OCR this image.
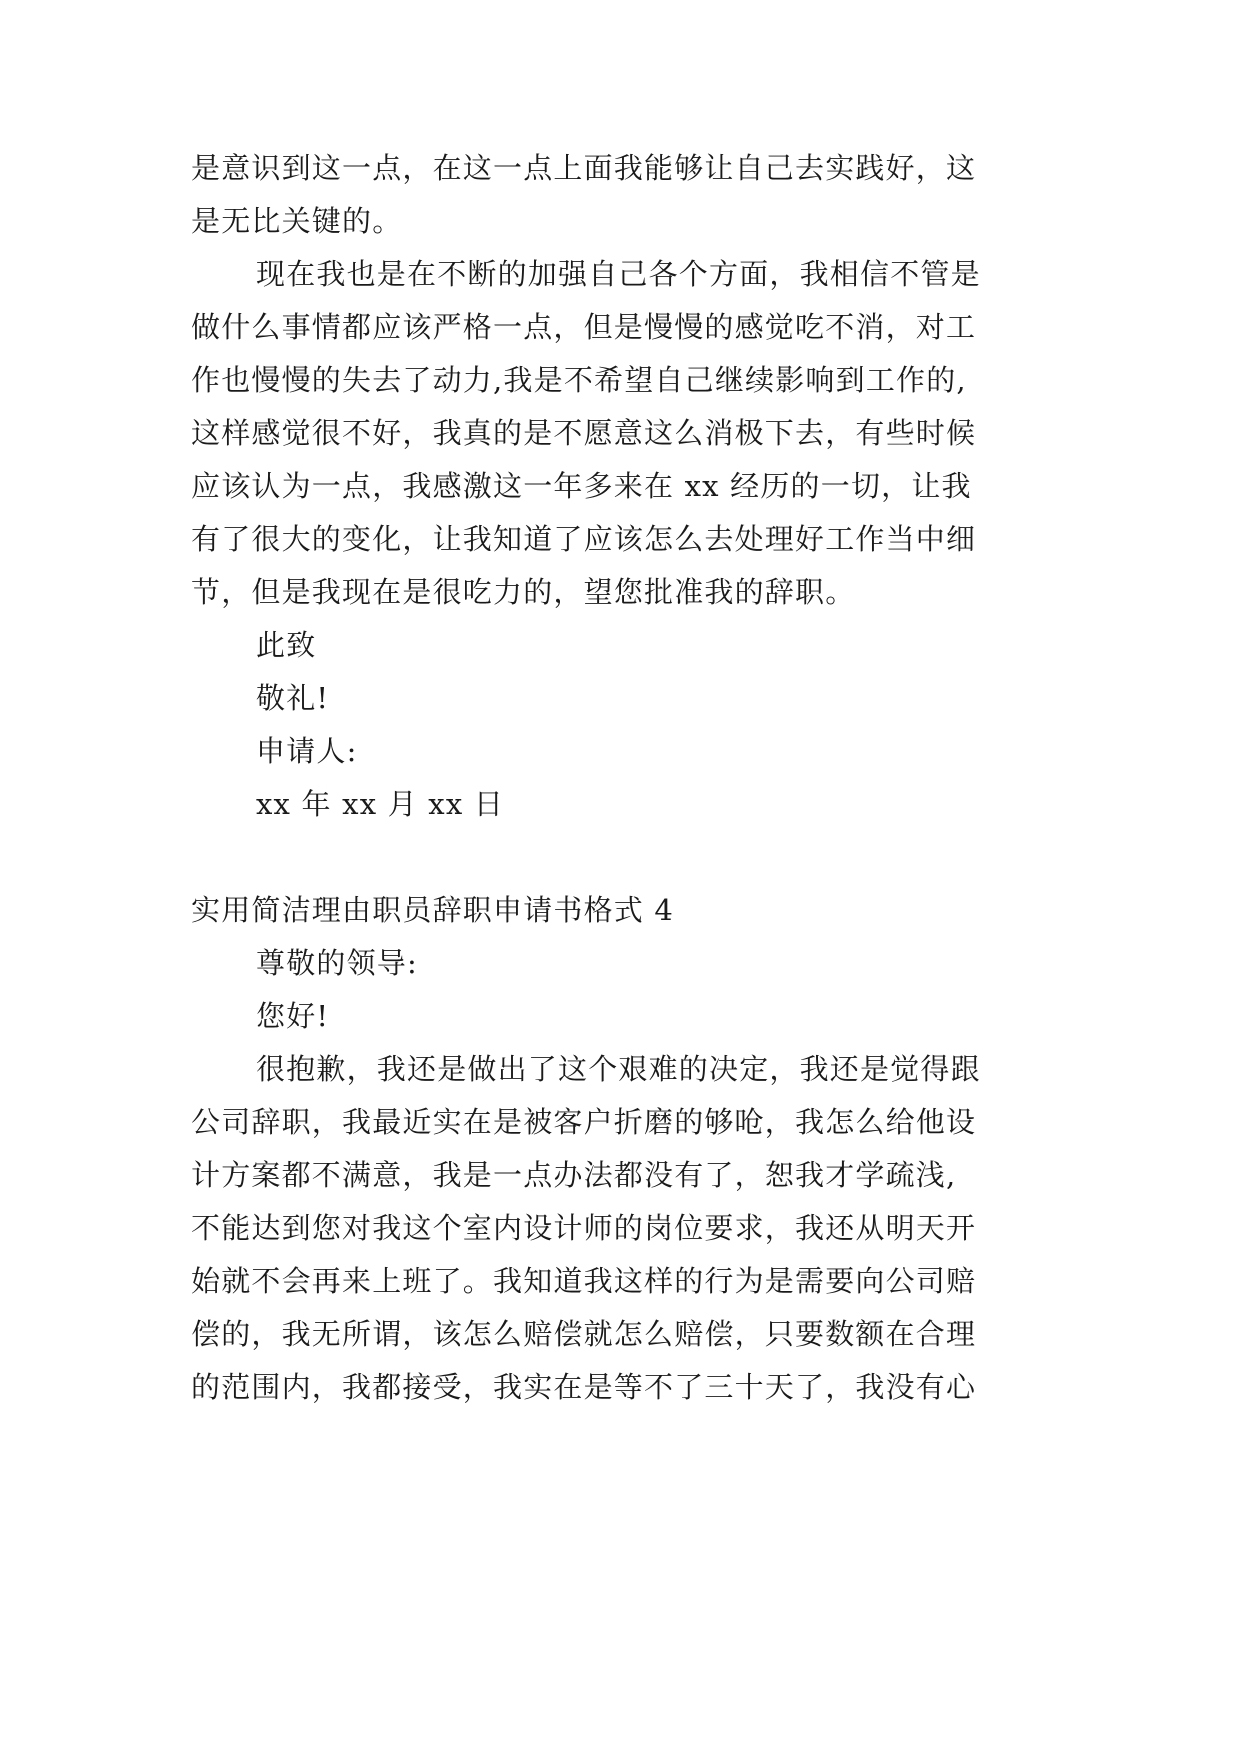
是意识到这一点，在这一点上面我能够让自己去实践好，这
是无比关键的。
现在我也是在不断的加强自己各个方面，我相信不管是
做什么事情都应该严格一点，但是慢慢的感觉吃不消，对工
作也慢慢的失去了动力,我是不希望自己继续影响到工作的,
这样感觉很不好，我真的是不愿意这么消极下去，有些时候
应该认为一点，我感激这一年多来在 xx 经历的一切，让我
有了很大的变化，让我知道了应该怎么去处理好工作当中细
节，但是我现在是很吃力的，望您批准我的辞职。
此致
敬礼!
申请人:
xx 年 xx 月 xx 日
实用简洁理由职员辞职申请书格式 4
尊敬的领导:
您好!
很抱歉，我还是做出了这个艰难的决定，我还是觉得跟
公司辞职，我最近实在是被客户折磨的够呛，我怎么给他设
计方案都不满意，我是一点办法都没有了，恕我才学疏浅,
不能达到您对我这个室内设计师的岗位要求，我还从明天开
始就不会再来上班了。我知道我这样的行为是需要向公司赔
偿的，我无所谓，该怎么赔偿就怎么赔偿，只要数额在合理
的范围内，我都接受，我实在是等不了三十天了，我没有心
